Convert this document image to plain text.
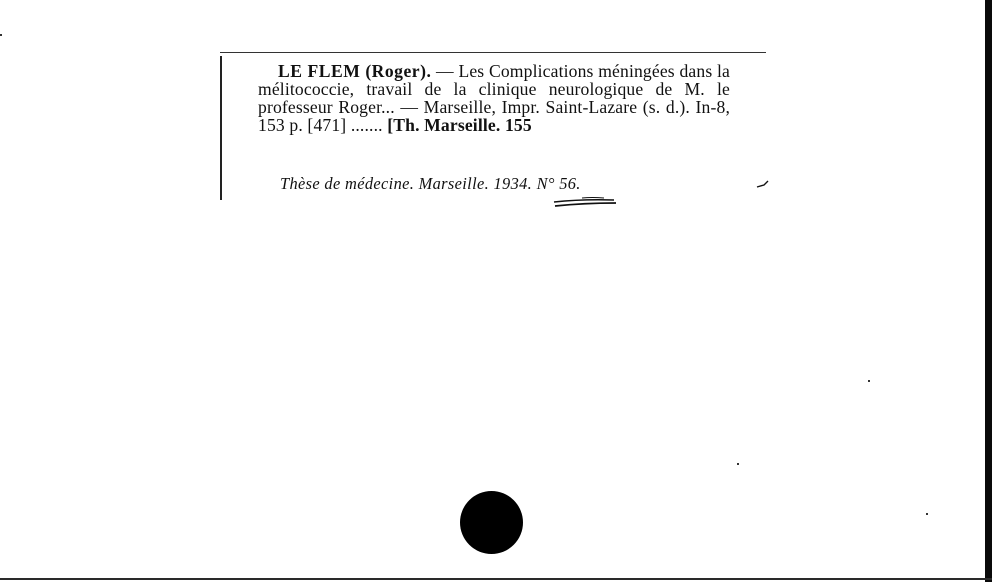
LE FLEM (Roger). — Les Complications méningées dans la mélitococcie, travail de la clinique neurologique de M. le professeur Roger... — Marseille, Impr. Saint-Lazare (s. d.). In-8, 153 p. [471] ....... [Th. Marseille. 155
Thèse de médecine. Marseille. 1934. N° 56.
